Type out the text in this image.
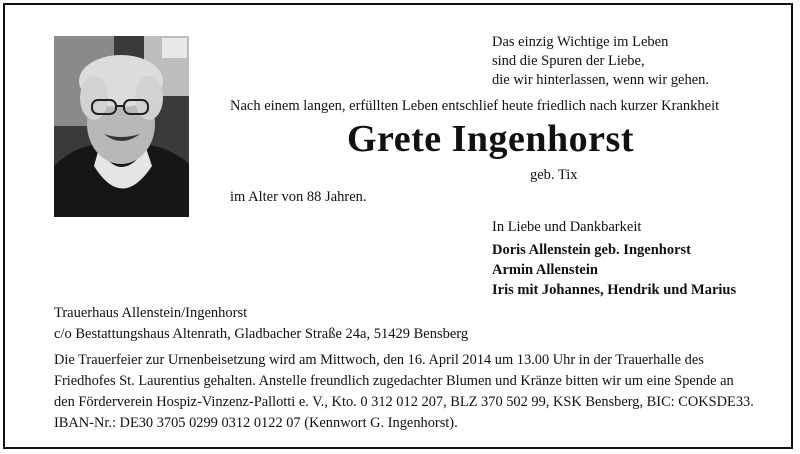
Das einzig Wichtige im Leben
sind die Spuren der Liebe,
die wir hinterlassen, wenn wir gehen.
Nach einem langen, erfüllten Leben entschlief heute friedlich nach kurzer Krankheit
Grete Ingenhorst
geb. Tix
im Alter von 88 Jahren.
In Liebe und Dankbarkeit
Doris Allenstein geb. Ingenhorst
Armin Allenstein
Iris mit Johannes, Hendrik und Marius
Trauerhaus Allenstein/Ingenhorst
c/o Bestattungshaus Altenrath, Gladbacher Straße 24a, 51429 Bensberg
Die Trauerfeier zur Urnenbeisetzung wird am Mittwoch, den 16. April 2014 um 13.00 Uhr in der Trauerhalle des
Friedhofes St. Laurentius gehalten. Anstelle freundlich zugedachter Blumen und Kränze bitten wir um eine Spende an
den Förderverein Hospiz-Vinzenz-Pallotti e. V., Kto. 0 312 012 207, BLZ 370 502 99, KSK Bensberg, BIC: COKSDE33.
IBAN-Nr.: DE30 3705 0299 0312 0122 07 (Kennwort G. Ingenhorst).
